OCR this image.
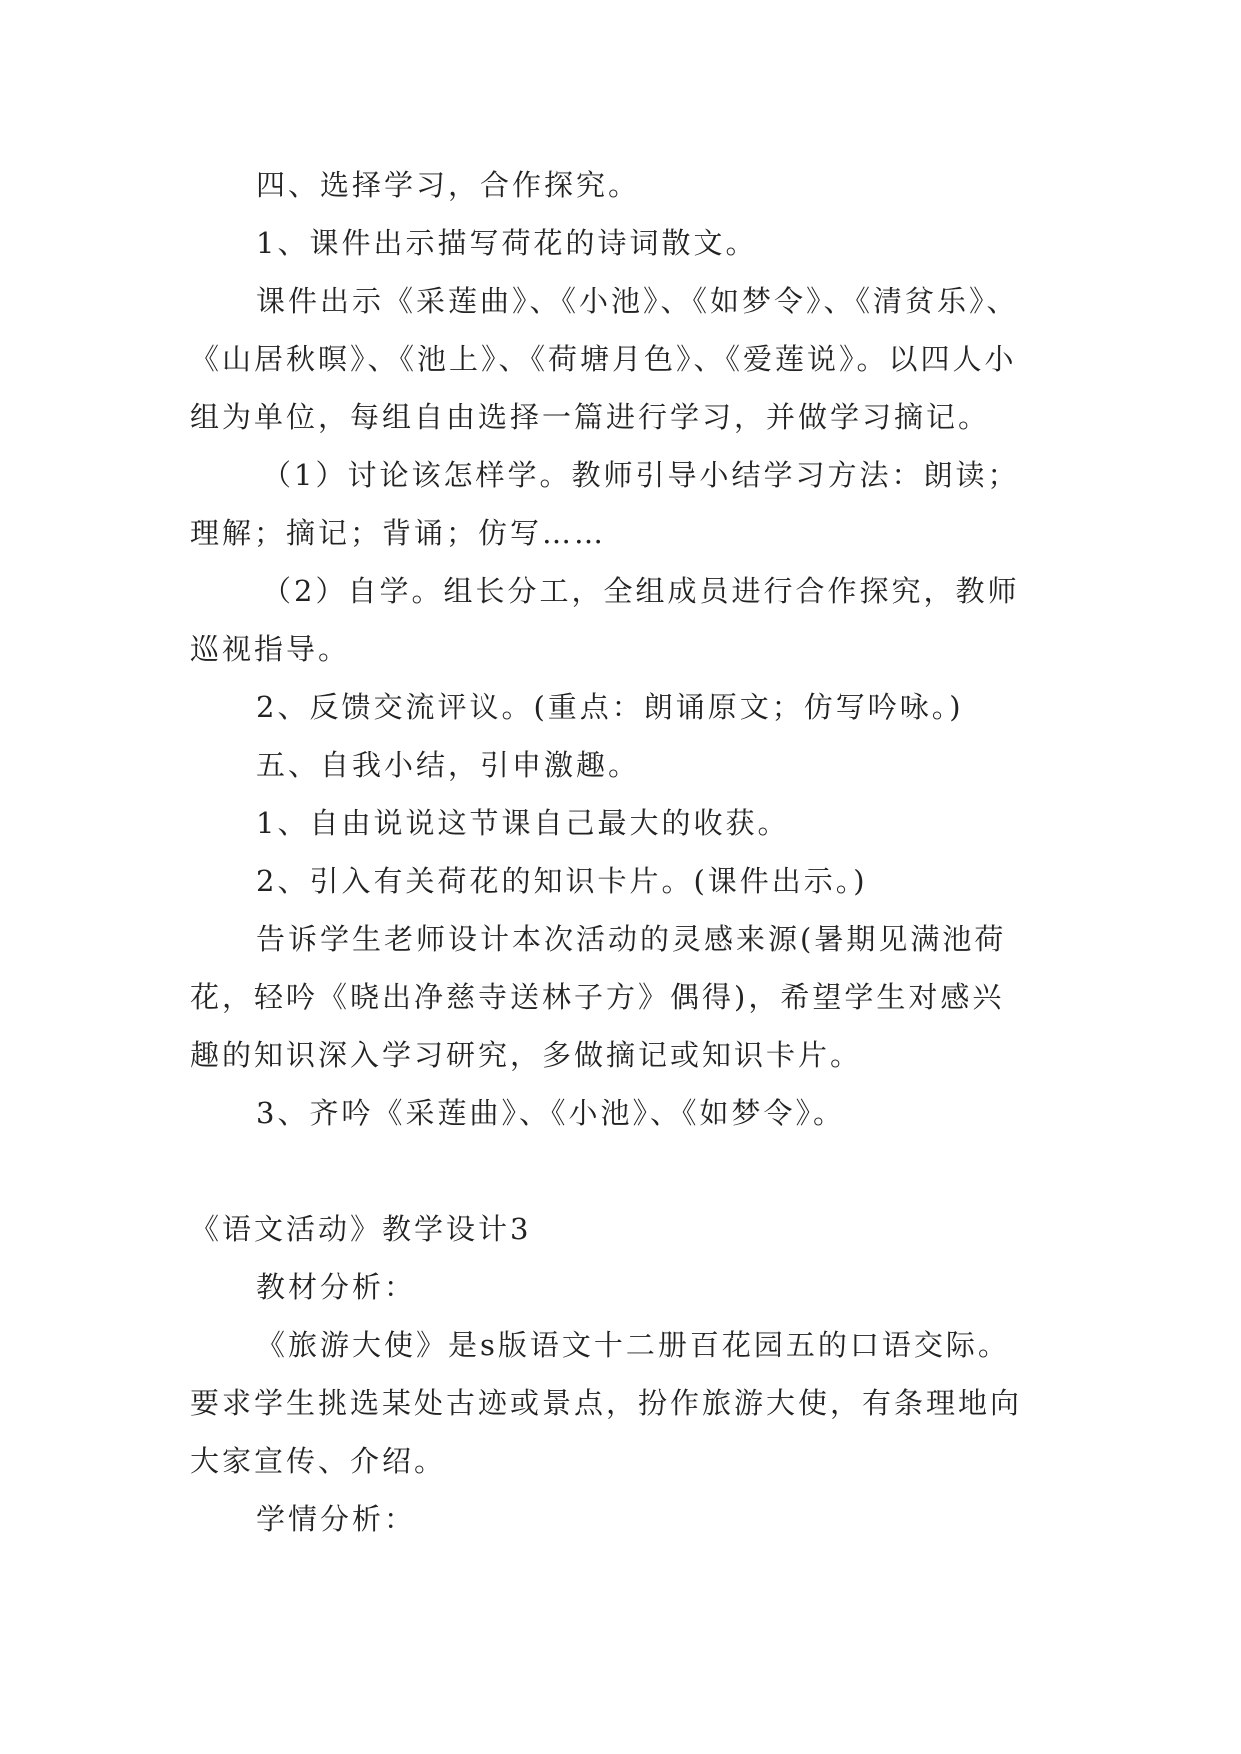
四、选择学习，合作探究。
1、课件出示描写荷花的诗词散文。
课件出示《采莲曲》、《小池》、《如梦令》、《清贫乐》、
《山居秋暝》、《池上》、《荷塘月色》、《爱莲说》。以四人小
组为单位，每组自由选择一篇进行学习，并做学习摘记。
（1）讨论该怎样学。教师引导小结学习方法：朗读；
理解；摘记；背诵；仿写……
（2）自学。组长分工，全组成员进行合作探究，教师
巡视指导。
2、反馈交流评议。(重点：朗诵原文；仿写吟咏。)
五、自我小结，引申激趣。
1、自由说说这节课自己最大的收获。
2、引入有关荷花的知识卡片。(课件出示。)
告诉学生老师设计本次活动的灵感来源(暑期见满池荷
花，轻吟《晓出净慈寺送林子方》偶得)，希望学生对感兴
趣的知识深入学习研究，多做摘记或知识卡片。
3、齐吟《采莲曲》、《小池》、《如梦令》。
《语文活动》教学设计3
教材分析：
《旅游大使》是s版语文十二册百花园五的口语交际。
要求学生挑选某处古迹或景点，扮作旅游大使，有条理地向
大家宣传、介绍。
学情分析：
